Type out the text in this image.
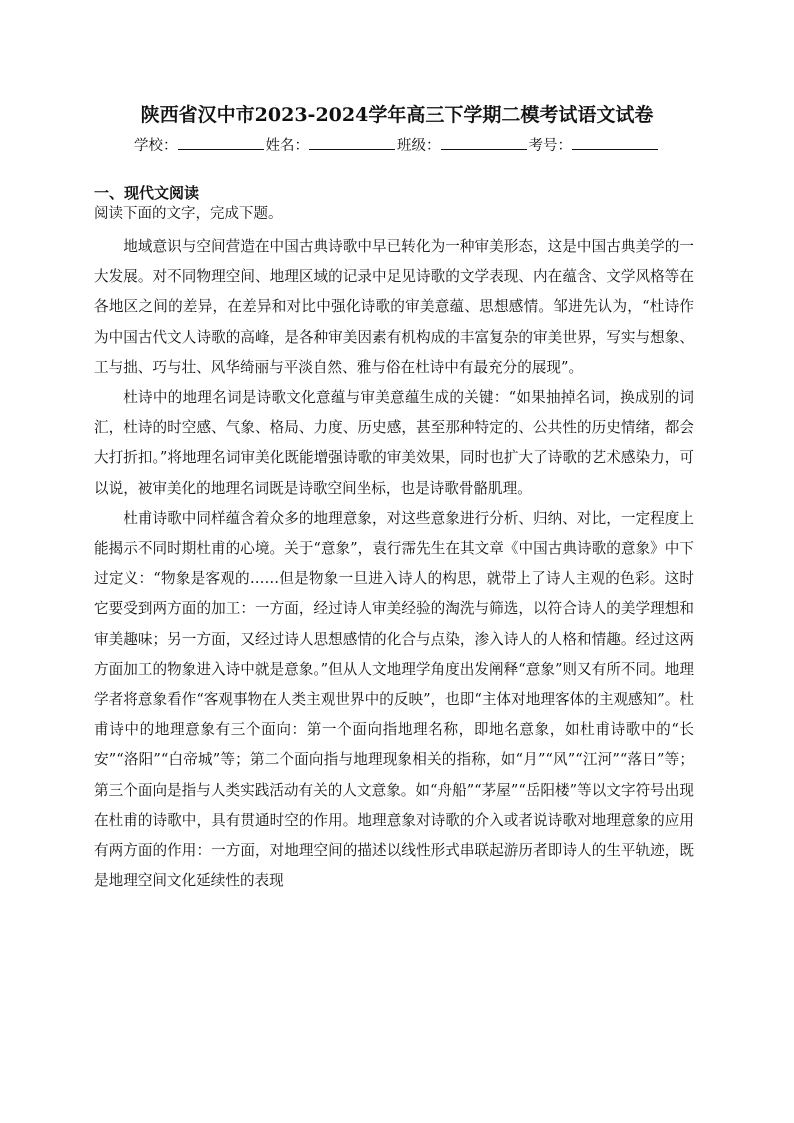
陕西省汉中市2023-2024学年高三下学期二模考试语文试卷
学校：	姓名：	班级：	考号：
一、现代文阅读
阅读下面的文字，完成下题。

地域意识与空间营造在中国古典诗歌中早已转化为一种审美形态，这是中国古典美学的一大发展。对不同物理空间、地理区域的记录中足见诗歌的文学表现、内在蕴含、文学风格等在各地区之间的差异，在差异和对比中强化诗歌的审美意蕴、思想感情。邹进先认为，“杜诗作为中国古代文人诗歌的高峰，是各种审美因素有机构成的丰富复杂的审美世界，写实与想象、工与拙、巧与壮、风华绮丽与平淡自然、雅与俗在杜诗中有最充分的展现”。

杜诗中的地理名词是诗歌文化意蕴与审美意蕴生成的关键：“如果抽掉名词，换成别的词汇，杜诗的时空感、气象、格局、力度、历史感，甚至那种特定的、公共性的历史情绪，都会大打折扣。”将地理名词审美化既能增强诗歌的审美效果，同时也扩大了诗歌的艺术感染力，可以说，被审美化的地理名词既是诗歌空间坐标，也是诗歌骨骼肌理。

杜甫诗歌中同样蕴含着众多的地理意象，对这些意象进行分析、归纳、对比，一定程度上能揭示不同时期杜甫的心境。关于“意象”，袁行霈先生在其文章《中国古典诗歌的意象》中下过定义：“物象是客观的……但是物象一旦进入诗人的构思，就带上了诗人主观的色彩。这时它要受到两方面的加工：一方面，经过诗人审美经验的淘洗与筛选，以符合诗人的美学理想和审美趣味；另一方面，又经过诗人思想感情的化合与点染，渗入诗人的人格和情趣。经过这两方面加工的物象进入诗中就是意象。”但从人文地理学角度出发阐释“意象”则又有所不同。地理学者将意象看作“客观事物在人类主观世界中的反映”，也即“主体对地理客体的主观感知”。杜甫诗中的地理意象有三个面向：第一个面向指地理名称，即地名意象，如杜甫诗歌中的“长安”“洛阳”“白帝城”等；第二个面向指与地理现象相关的指称，如“月”“风”“江河”“落日”等；第三个面向是指与人类实践活动有关的人文意象。如“舟船”“茅屋”“岳阳楼”等以文字符号出现在杜甫的诗歌中，具有贯通时空的作用。地理意象对诗歌的介入或者说诗歌对地理意象的应用有两方面的作用：一方面，对地理空间的描述以线性形式串联起游历者即诗人的生平轨迹，既是地理空间文化延续性的表现
